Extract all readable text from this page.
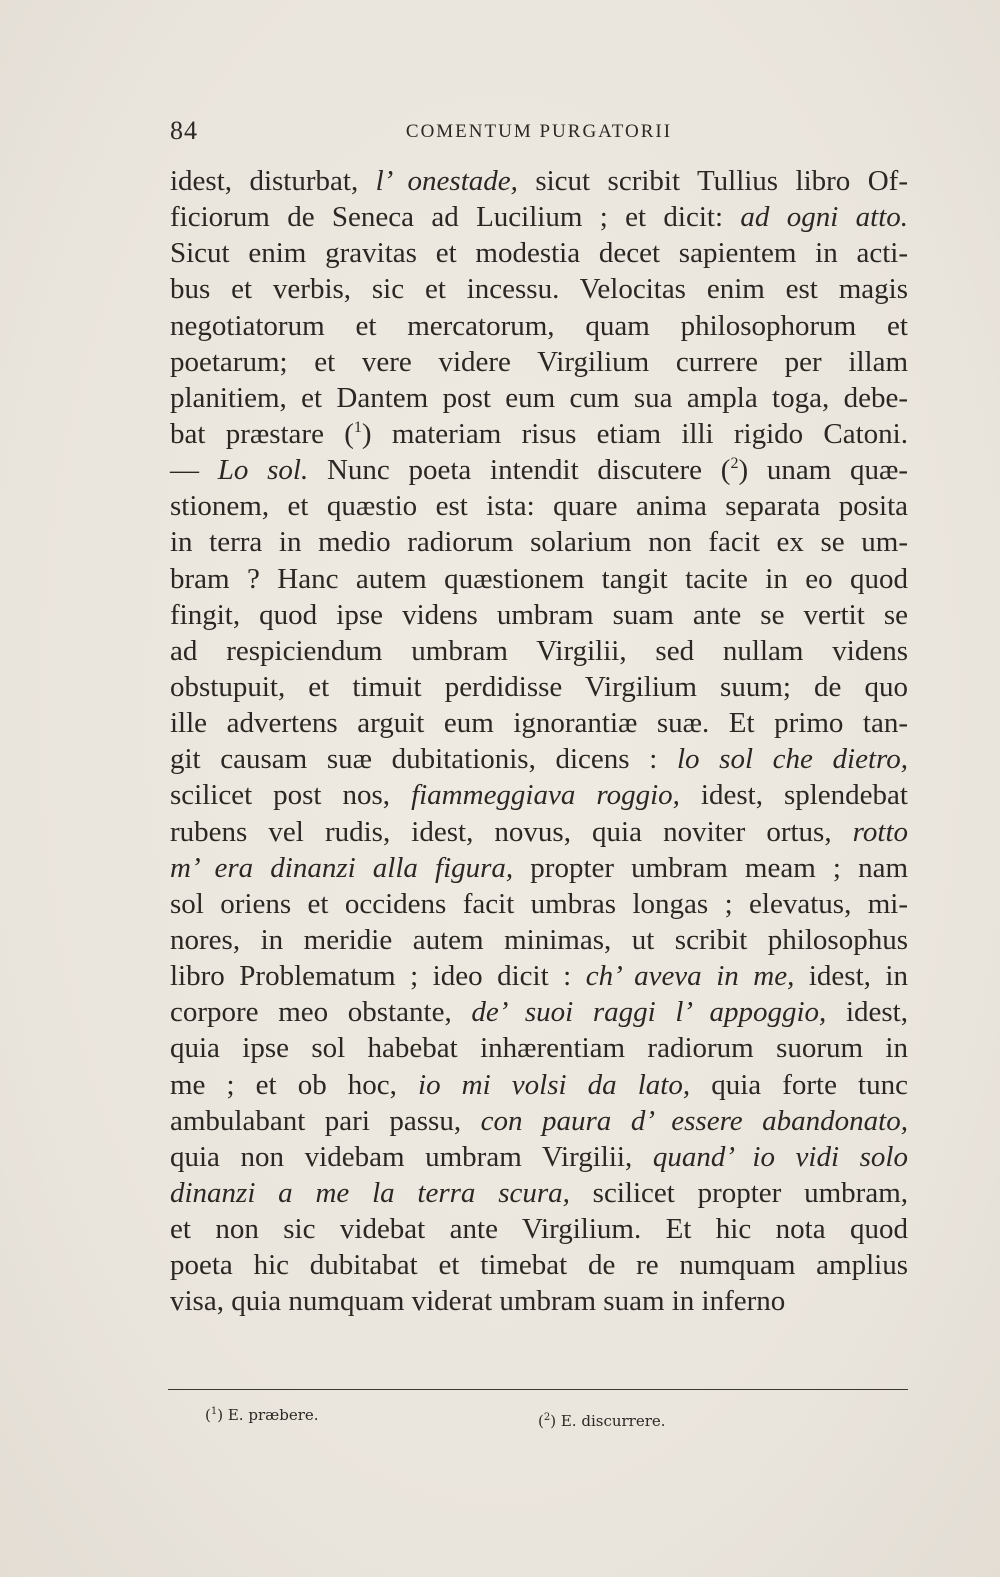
84	COMENTUM PURGATORII
idest, disturbat, l’ onestade, sicut scribit Tullius libro Of-
ficiorum de Seneca ad Lucilium ; et dicit: ad ogni atto.
Sicut enim gravitas et modestia decet sapientem in acti-
bus et verbis, sic et incessu. Velocitas enim est magis
negotiatorum et mercatorum, quam philosophorum et
poetarum; et vere videre Virgilium currere per illam
planitiem, et Dantem post eum cum sua ampla toga, debe-
bat præstare ($^1$) materiam risus etiam illi rigido Catoni.
— Lo sol. Nunc poeta intendit discutere ($^2$) unam quæ-
stionem, et quæstio est ista: quare anima separata posita
in terra in medio radiorum solarium non facit ex se um-
bram ? Hanc autem quæstionem tangit tacite in eo quod
fingit, quod ipse videns umbram suam ante se vertit se
ad respiciendum umbram Virgilii, sed nullam videns
obstupuit, et timuit perdidisse Virgilium suum; de quo
ille advertens arguit eum ignorantiæ suæ. Et primo tan-
git causam suæ dubitationis, dicens : lo sol che dietro,
scilicet post nos, fiammeggiava roggio, idest, splendebat
rubens vel rudis, idest, novus, quia noviter ortus, rotto
m’ era dinanzi alla figura, propter umbram meam ; nam
sol oriens et occidens facit umbras longas ; elevatus, mi-
nores, in meridie autem minimas, ut scribit philosophus
libro Problematum ; ideo dicit : ch’ aveva in me, idest, in
corpore meo obstante, de’ suoi raggi l’ appoggio, idest,
quia ipse sol habebat inhærentiam radiorum suorum in
me ; et ob hoc, io mi volsi da lato, quia forte tunc
ambulabant pari passu, con paura d’ essere abandonato,
quia non videbam umbram Virgilii, quand’ io vidi solo
dinanzi a me la terra scura, scilicet propter umbram,
et non sic videbat ante Virgilium. Et hic nota quod
poeta hic dubitabat et timebat de re numquam amplius
visa, quia numquam viderat umbram suam in inferno
($^1$) E. præbere.	($^2$) E. discurrere.
